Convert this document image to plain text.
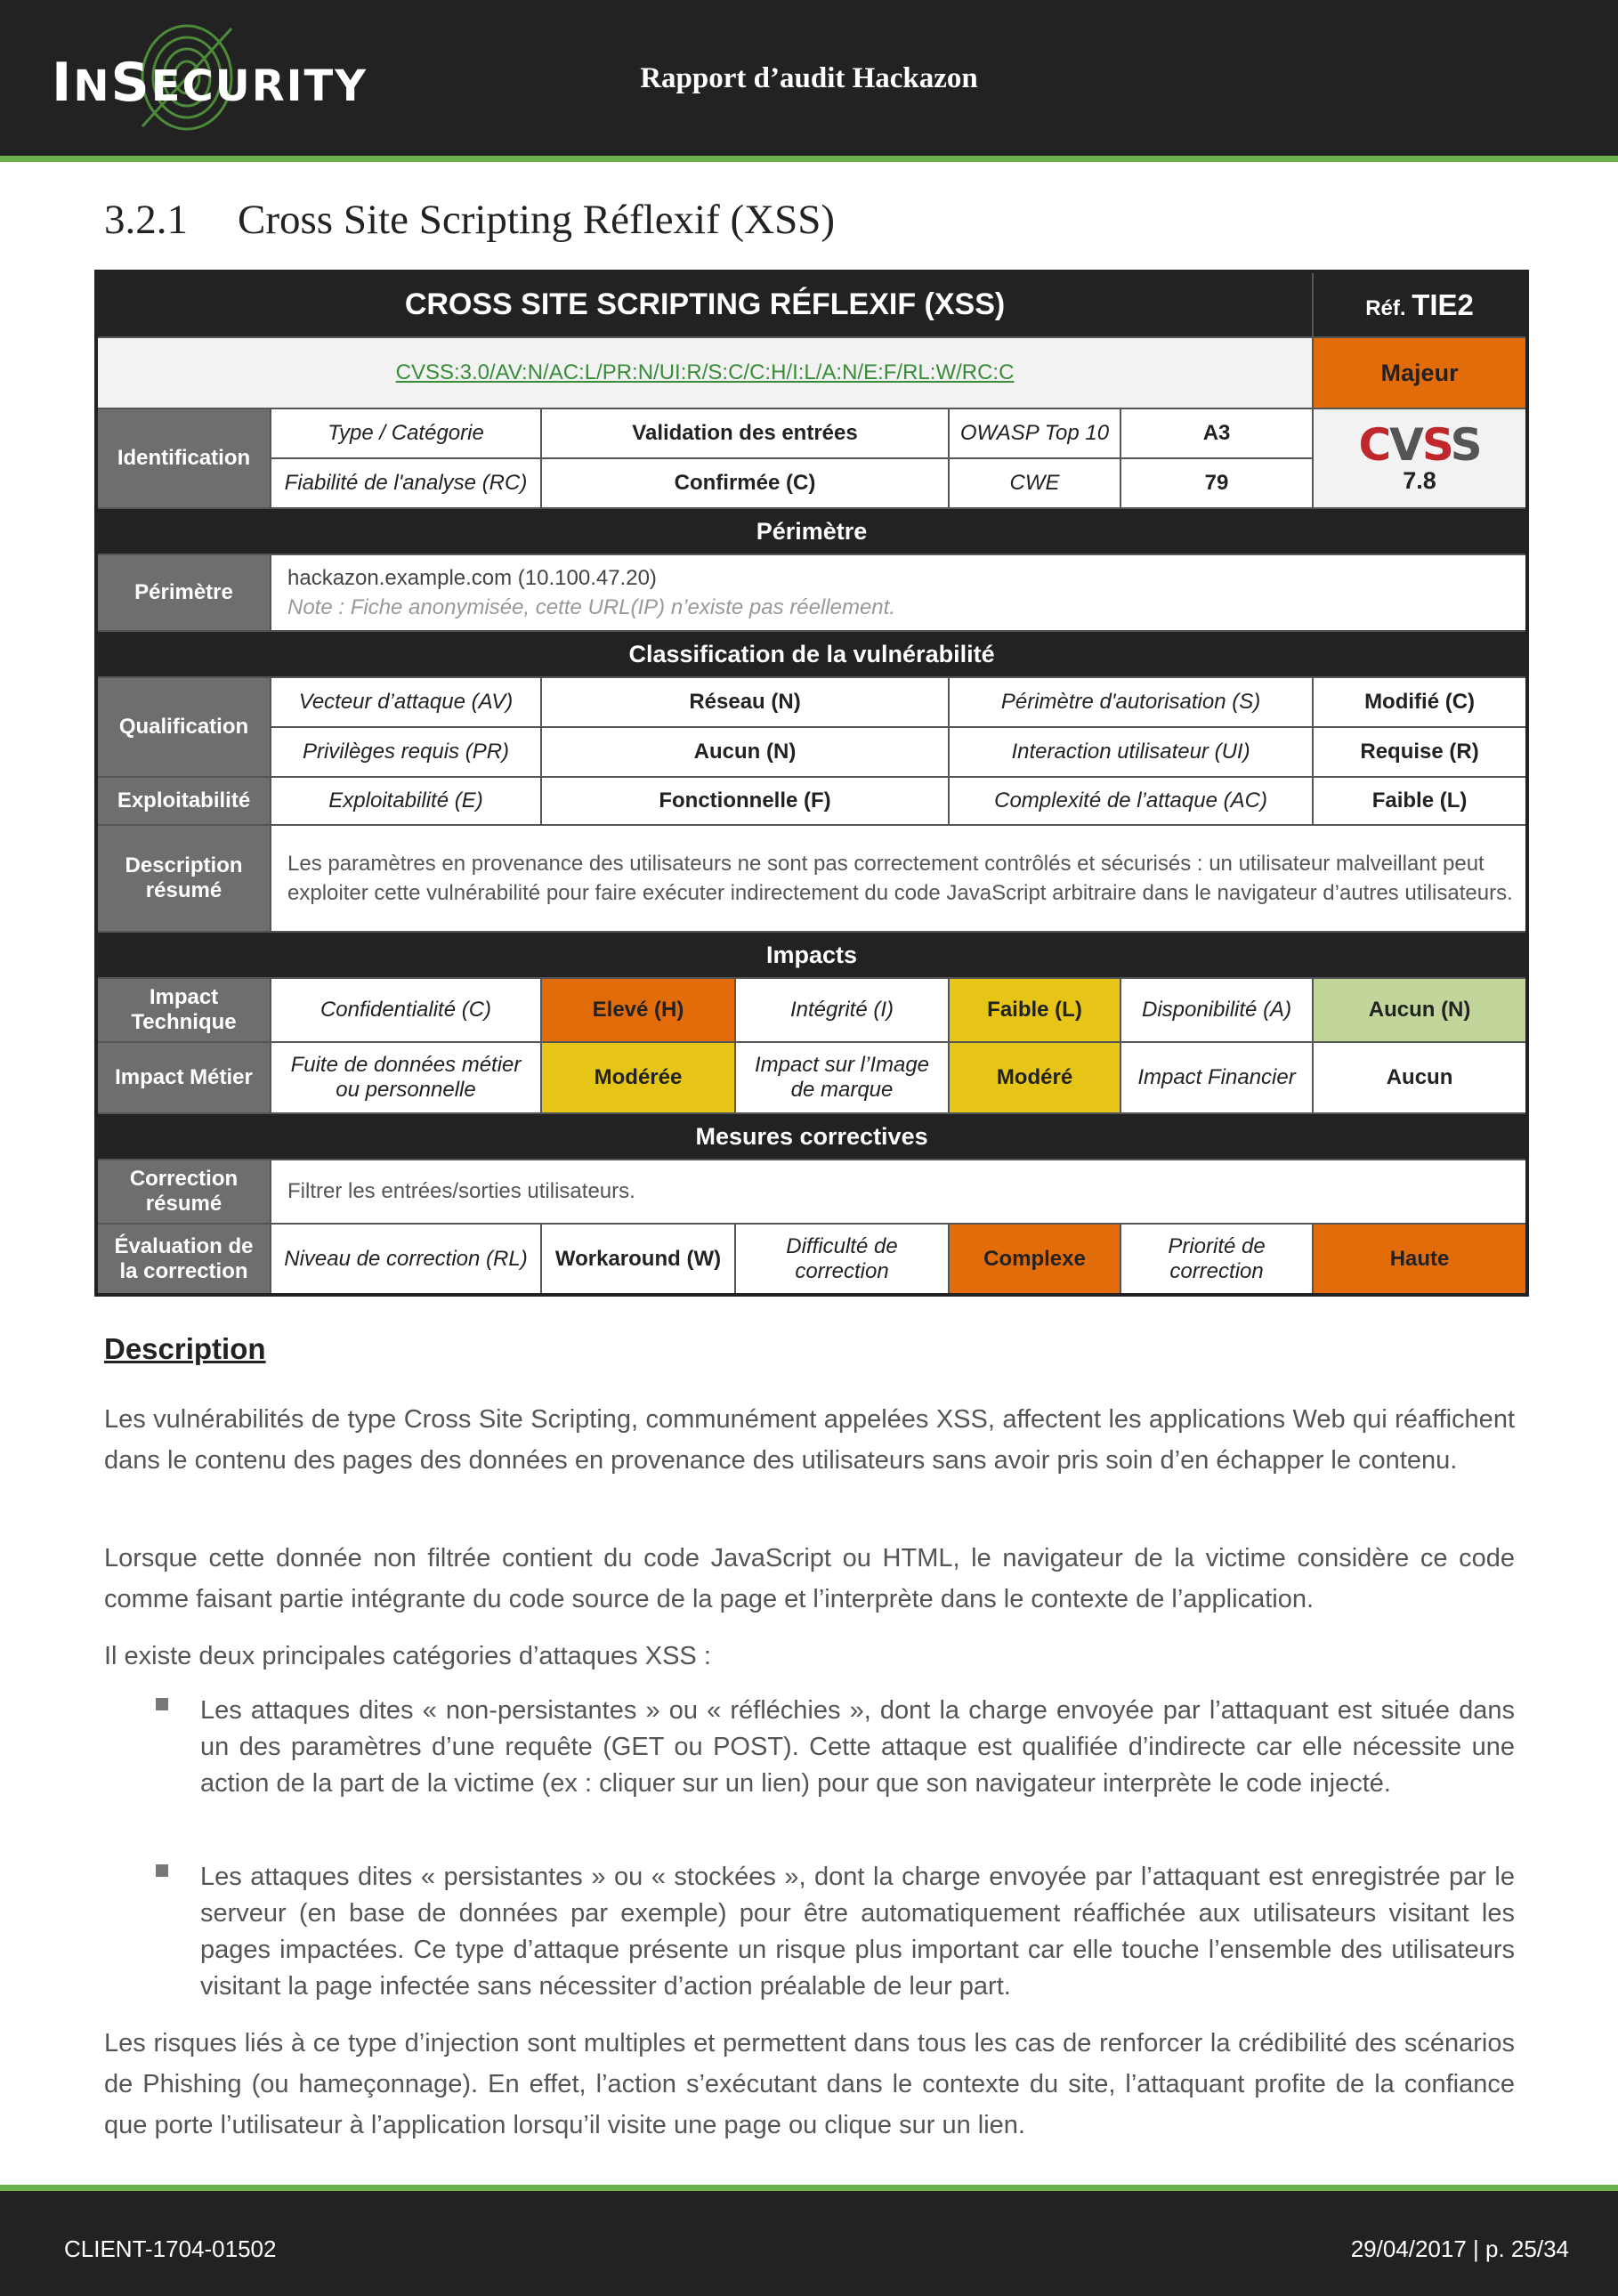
INSECURITY	Rapport d’audit Hackazon
3.2.1 Cross Site Scripting Réflexif (XSS)
CROSS SITE SCRIPTING RÉFLEXIF (XSS)						Réf. TIE2
CVSS:3.0/AV:N/AC:L/PR:N/UI:R/S:C/C:H/I:L/A:N/E:F/RL:W/RC:C						Majeur
Identification	Type / Catégorie	Validation des entrées		OWASP Top 10	A3	CVSS
7.8

	Fiabilité de l'analyse (RC)	Confirmée (C)		CWE	79	
Périmètre						
Périmètre	hackazon.example.com (10.100.47.20)
Note : Fiche anonymisée, cette URL(IP) n’existe pas réellement.					

Classification de la vulnérabilité						
Qualification	Vecteur d’attaque (AV)	Réseau (N)		Périmètre d'autorisation (S)		Modifié (C)
	Privilèges requis (PR)	Aucun (N)		Interaction utilisateur (UI)		Requise (R)
Exploitabilité	Exploitabilité (E)	Fonctionnelle (F)		Complexité de l’attaque (AC)		Faible (L)
Description résumé	Les paramètres en provenance des utilisateurs ne sont pas correctement contrôlés et sécurisés : un utilisateur malveillant peut exploiter cette vulnérabilité pour faire exécuter indirectement du code JavaScript arbitraire dans le navigateur d’autres utilisateurs.					
Impacts						
Impact Technique	Confidentialité (C)	Elevé (H)	Intégrité (I)	Faible (L)	Disponibilité (A)	Aucun (N)
Impact Métier	Fuite de données métier ou personnelle	Modérée	Impact sur l’Image de marque	Modéré	Impact Financier	Aucun
Mesures correctives						
Correction résumé	Filtrer les entrées/sorties utilisateurs.					
Évaluation de la correction	Niveau de correction (RL)	Workaround (W)	Difficulté de correction	Complexe	Priorité de correction	Haute
Description
Les vulnérabilités de type Cross Site Scripting, communément appelées XSS, affectent les applications Web qui réaffichent dans le contenu des pages des données en provenance des utilisateurs sans avoir pris soin d’en échapper le contenu.
Lorsque cette donnée non filtrée contient du code JavaScript ou HTML, le navigateur de la victime considère ce code comme faisant partie intégrante du code source de la page et l’interprète dans le contexte de l’application.
Il existe deux principales catégories d’attaques XSS :
Les attaques dites « non-persistantes » ou « réfléchies », dont la charge envoyée par l’attaquant est située dans un des paramètres d’une requête (GET ou POST). Cette attaque est qualifiée d’indirecte car elle nécessite une action de la part de la victime (ex : cliquer sur un lien) pour que son navigateur interprète le code injecté.
Les attaques dites « persistantes » ou « stockées », dont la charge envoyée par l’attaquant est enregistrée par le serveur (en base de données par exemple) pour être automatiquement réaffichée aux utilisateurs visitant les pages impactées. Ce type d’attaque présente un risque plus important car elle touche l’ensemble des utilisateurs visitant la page infectée sans nécessiter d’action préalable de leur part.
Les risques liés à ce type d’injection sont multiples et permettent dans tous les cas de renforcer la crédibilité des scénarios de Phishing (ou hameçonnage). En effet, l’action s’exécutant dans le contexte du site, l’attaquant profite de la confiance que porte l’utilisateur à l’application lorsqu’il visite une page ou clique sur un lien.
CLIENT-1704-01502	29/04/2017 | p. 25/34
